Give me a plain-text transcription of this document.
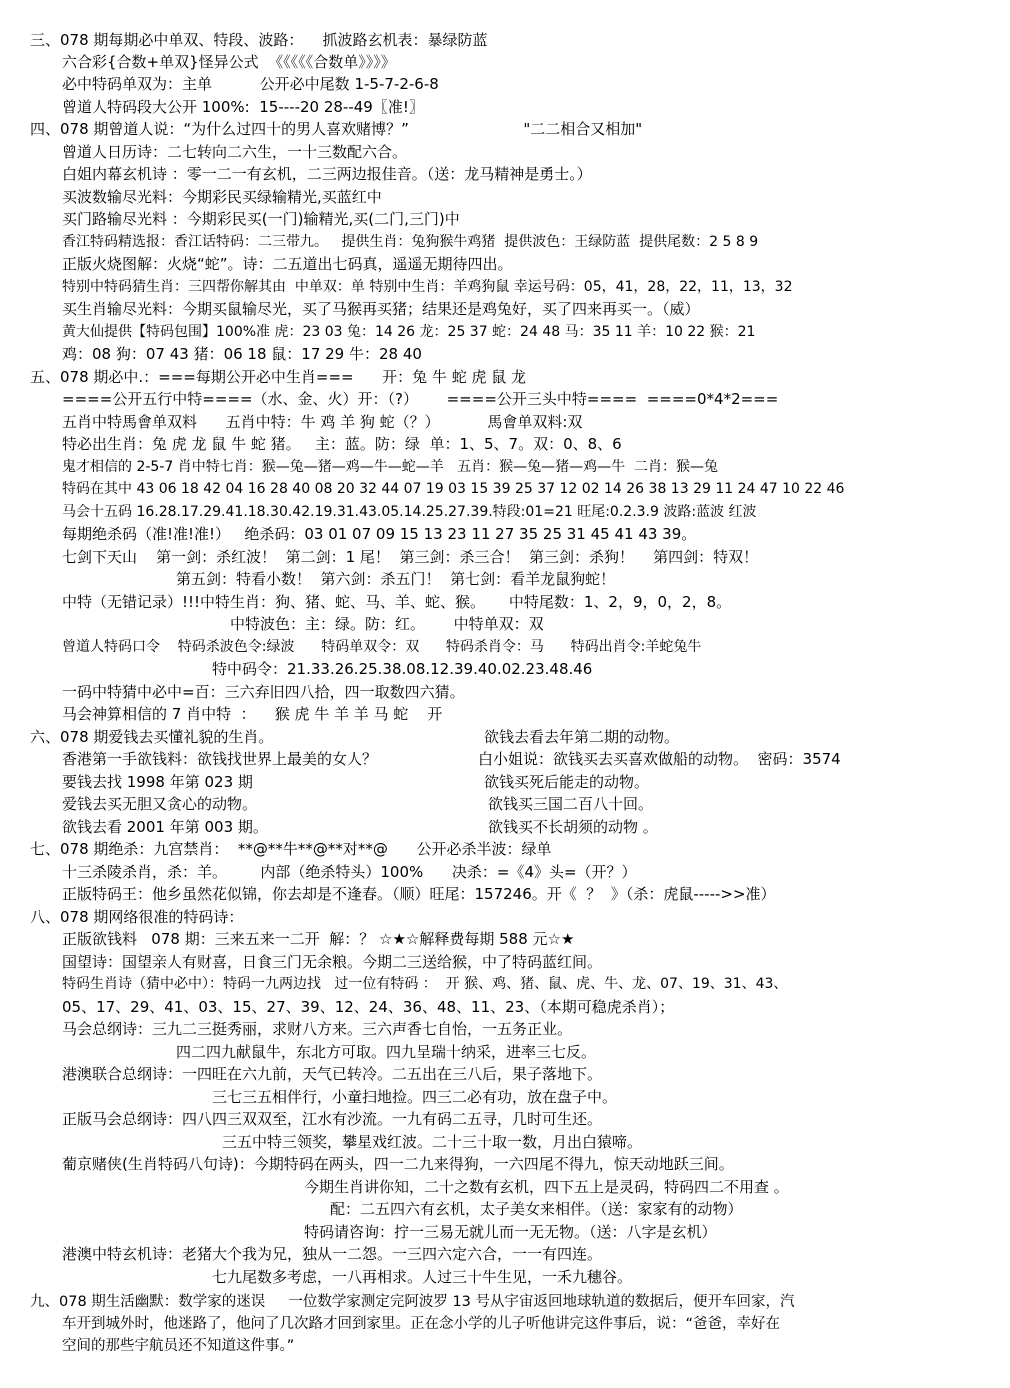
三、078 期每期必中单双、特段、波路：    抓波路玄机表：暴绿防蓝
六合彩{合数+单双}怪异公式  《《《《《合数单》》》》
必中特码单双为：主单          公开必中尾数 1-5-7-2-6-8
曾道人特码段大公开 100%:  15----20 28--49〖准!〗
四、078 期曾道人说：“为什么过四十的男人喜欢赌博？”                        "二二相合又相加"
曾道人日历诗：二七转向二六生，一十三数配六合。
白姐内幕玄机诗 ：零一二一有玄机，二三两边报佳音。（送：龙马精神是勇士。）
买波数输尽光料：今期彩民买绿输精光,买蓝红中
买门路输尽光料 ：今期彩民买(一门)输精光,买(二门,三门)中
香江特码精选报：香江话特码：二三带九。   提供生肖：兔狗猴牛鸡猪  提供波色：王绿防蓝  提供尾数：2 5 8 9
正版火烧图解：火烧“蛇”。诗：二五道出七码真，遥遥无期待四出。
特别中特码猜生肖：三四帮你解其由  中单双：单 特别中生肖：羊鸡狗鼠 幸运号码：05，41，28，22，11，13，32
买生肖输尽光料：今期买鼠输尽光，买了马猴再买猪；结果还是鸡兔好，买了四来再买一。（威）
黄大仙提供【特码包围】100%准 虎：23 03 兔：14 26 龙：25 37 蛇：24 48 马：35 11 羊：10 22 猴：21
鸡：08 狗：07 43 猪：06 18 鼠：17 29 牛：28 40
五、078 期必中.：===每期公开必中生肖===      开：兔 牛 蛇 虎 鼠 龙
====公开五行中特====（水、金、火）开：（?）      ====公开三头中特====  ====0*4*2===
五肖中特馬會单双料      五肖中特：牛 鸡 羊 狗 蛇（？）          馬會单双料:双
特必出生肖：兔 虎 龙 鼠 牛 蛇 猪。   主：蓝。防：绿  单：1、5、7。双：0、8、6
鬼才相信的 2-5-7 肖中特七肖：猴—兔—猪—鸡—牛—蛇—羊   五肖：猴—兔—猪—鸡—牛  二肖：猴—兔
特码在其中 43 06 18 42 04 16 28 40 08 20 32 44 07 19 03 15 39 25 37 12 02 14 26 38 13 29 11 24 47 10 22 46
马会十五码 16.28.17.29.41.18.30.42.19.31.43.05.14.25.27.39.特段:01=21 旺尾:0.2.3.9 波路:蓝波 红波
每期绝杀码（准!准!准!）   绝杀码：03 01 07 09 15 13 23 11 27 35 25 31 45 41 43 39。
七剑下天山    第一剑：杀红波！  第二剑：1 尾！  第三剑：杀三合！  第三剑：杀狗！    第四剑：特双！
第五剑：特看小数！  第六剑：杀五门！  第七剑：看羊龙鼠狗蛇！
中特（无错记录）!!!中特生肖：狗、猪、蛇、马、羊、蛇、猴。     中特尾数：1、2，9，0，2，8。
中特波色：主：绿。防：红。      中特单双：双
曾道人特码口令    特码杀波色令:绿波      特码单双令：双      特码杀肖令：马      特码出肖令:羊蛇兔牛
特中码令：21.33.26.25.38.08.12.39.40.02.23.48.46
一码中特猜中必中=百：三六弃旧四八拾，四一取数四六猜。
马会神算相信的 7 肖中特  ：    猴 虎 牛 羊 羊 马 蛇    开
六、078 期爱钱去买懂礼貌的生肖。	欲钱去看去年第二期的动物。
香港第一手欲钱料：欲钱找世界上最美的女人？	白小姐说：欲钱买去买喜欢做船的动物。  密码：3574
要钱去找 1998 年第 023 期	欲钱买死后能走的动物。
爱钱去买无胆又贪心的动物。	欲钱买三国二百八十回。
欲钱去看 2001 年第 003 期。	欲钱买不长胡须的动物 。
七、078 期绝杀：九宫禁肖：  **@**牛**@**对**@      公开必杀半波：绿单
十三杀陵杀肖，杀：羊。       内部（绝杀特头）100%      决杀：=《4》头=（开？）
正版特码王：他乡虽然花似锦，你去却是不逢春。（顺）旺尾：157246。开《  ？  》（杀：虎鼠----->>准）
八、078 期网络很准的特码诗：
正版欲钱料   078 期：三来五来一二开  解：？ ☆★☆解释费每期 588 元☆★
国望诗：国望亲人有财喜，日食三门无余粮。今期二三送给猴，中了特码蓝红间。
特码生肖诗（猜中必中）：特码一九两边找   过一位有特码 ：  开 猴、鸡、猪、鼠、虎、牛、龙、07、19、31、43、
05、17、29、41、03、15、27、39、12、24、36、48、11、23、（本期可稳虎杀肖）；
马会总纲诗：三九二三挺秀丽，求财八方来。三六声香七自怡，一五务正业。
四二四九献鼠牛，东北方可取。四九呈瑞十纳采，进率三七反。
港澳联合总纲诗：一四旺在六九前，天气已转冷。二五出在三八后，果子落地下。
三七三五相伴行，小童扫地捡。四三二必有功，放在盘子中。
正版马会总纲诗：四八四三双双至，江水有沙流。一九有码二五寻，几时可生还。
三五中特三领奖，攀星戏红波。二十三十取一数，月出白猿啼。
葡京赌侠(生肖特码八句诗)：今期特码在两头，四一二九来得狗，一六四尾不得九，惊天动地跃三间。
今期生肖讲你知，二十之数有玄机，四下五上是灵码，特码四二不用查 。
配：二五四六有玄机，太子美女来相伴。（送：家家有的动物）
特码请咨询：拧一三易无就儿而一无无物。（送：八字是玄机）
港澳中特玄机诗：老猪大个我为兄，独从一二怨。一三四六定六合，一一有四连。
七九尾数多考虑，一八再相求。人过三十牛生见，一禾九穗谷。
九、078 期生活幽默：数学家的迷误     一位数学家测定完阿波罗 13 号从宇宙返回地球轨道的数据后，便开车回家，汽
车开到城外时，他迷路了，他问了几次路才回到家里。正在念小学的儿子听他讲完这件事后，说：“爸爸，幸好在
空间的那些宇航员还不知道这件事。”
